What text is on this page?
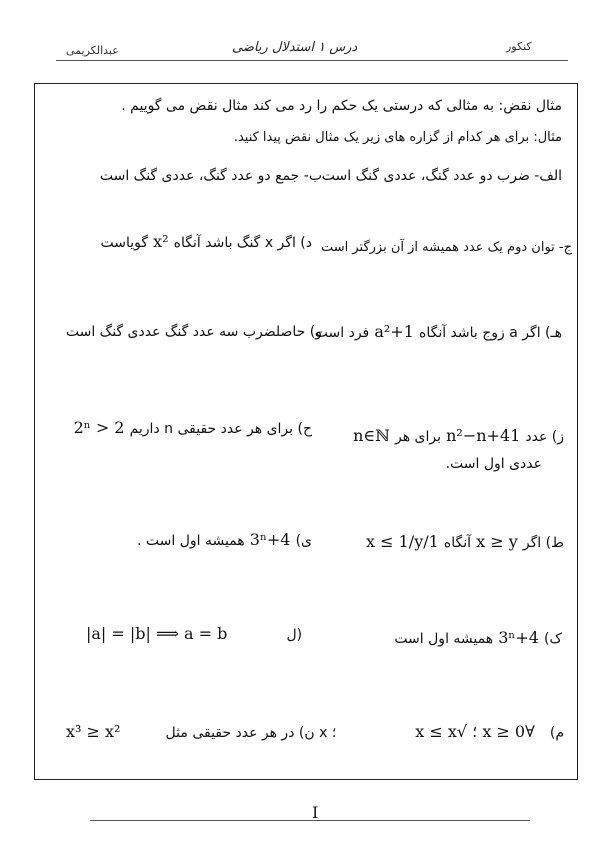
عبدالکریمی	درس ۱ استدلال ریاضی	کنکور
مثال نقض: به مثالی که درستی یک حکم را رد می کند مثال نقض می گوییم .
مثال: برای هر کدام از گزاره های زیر یک مثال نقض پیدا کنید.
الف- ضرب دو عدد گنگ، عددی گنگ است
ب- جمع دو عدد گنگ، عددی گنگ است
ج- توان دوم یک عدد همیشه از آن بزرگتر است
د) اگر x گنگ باشد آنگاه x² گویاست
هـ) اگر a زوج باشد آنگاه a²+1 فرد است
و) حاصلضرب سه عدد گنگ عددی گنگ است
ز) عدد n²−n+41 برای هر n∈ℕ
عددی اول است.
ح) برای هر عدد حقیقی n داریم 2ⁿ > 2
ط) اگر x ≥ y آنگاه 1/x ≤ 1/y
ی) 4+3ⁿ همیشه اول است .
ک) 4+3ⁿ همیشه اول است
|a| = |b| ⟹ a = b	ل)
م) ∀x ≥ 0 ؛ √x ≤ x
x³ ≥ x²	ن) در هر عدد حقیقی مثل x ؛
I
